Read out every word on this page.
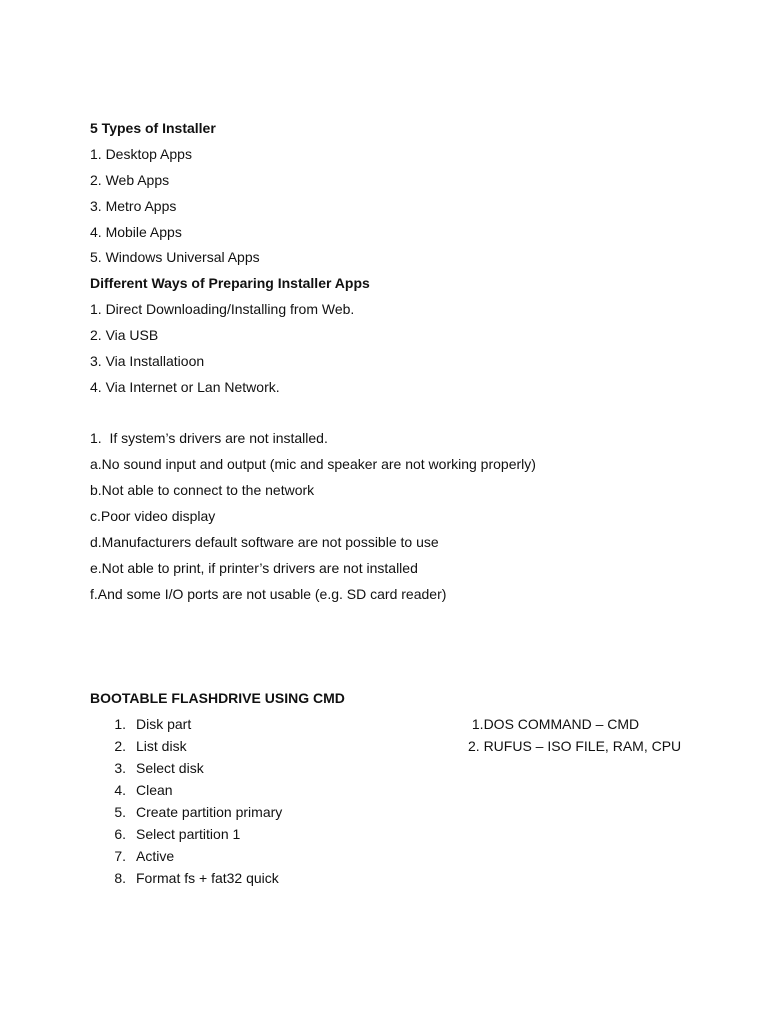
5 Types of Installer
1. Desktop Apps
2. Web Apps
3. Metro Apps
4. Mobile Apps
5. Windows Universal Apps
Different Ways of Preparing Installer Apps
1. Direct Downloading/Installing from Web.
2. Via USB
3. Via Installatioon
4. Via Internet or Lan Network.
1.  If system’s drivers are not installed.
a.No sound input and output (mic and speaker are not working properly)
b.Not able to connect to the network
c.Poor video display
d.Manufacturers default software are not possible to use
e.Not able to print, if printer’s drivers are not installed
f.And some I/O ports are not usable (e.g. SD card reader)
BOOTABLE FLASHDRIVE USING CMD
1. Disk part
2. List disk
3. Select disk
4. Clean
5. Create partition primary
6. Select partition 1
7. Active
8. Format fs + fat32 quick
1.DOS COMMAND – CMD
2. RUFUS – ISO FILE, RAM, CPU
